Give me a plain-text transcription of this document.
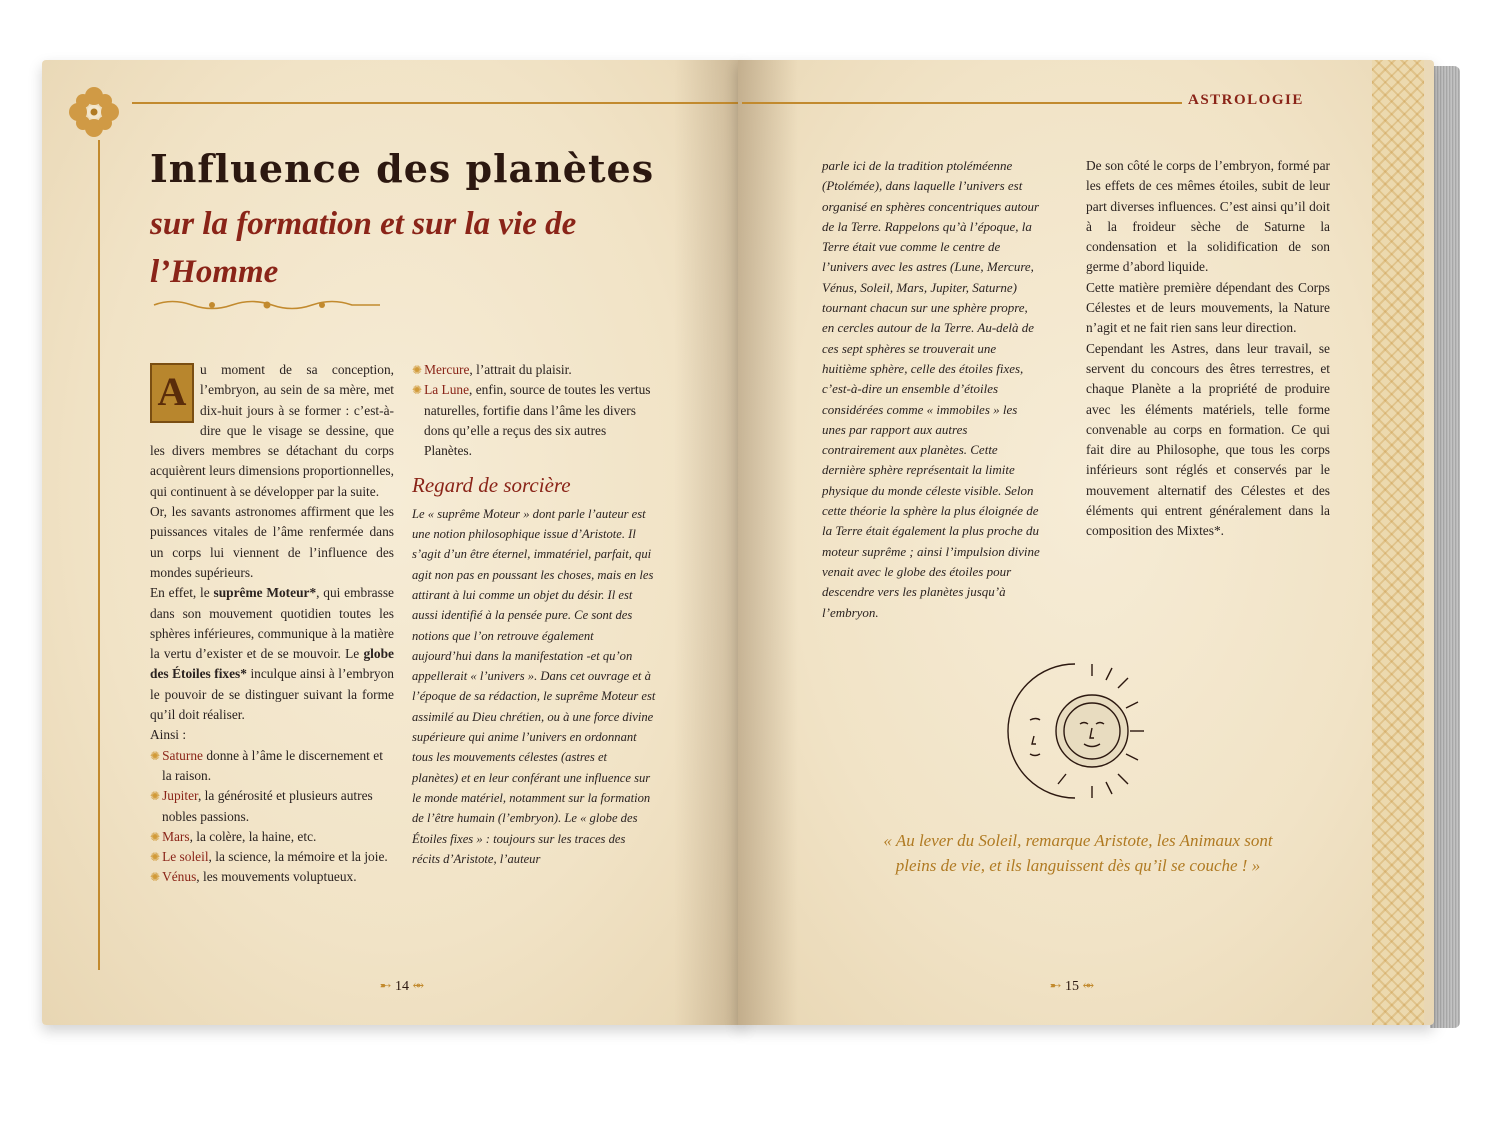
Influence des planètes
sur la formation et sur la vie de l’Homme

A	u moment de sa conception, l’embryon, au sein de sa mère, met dix-huit jours à se former : c’est-à-dire que le visage se dessine, que les divers membres se détachant du corps acquièrent leurs dimensions proportionnelles, qui continuent à se développer par la suite.

Or, les savants astronomes affirment que les puissances vitales de l’âme renfermée dans un corps lui viennent de l’influence des mondes supérieurs.

En effet, le suprême Moteur*, qui embrasse dans son mouvement quotidien toutes les sphères inférieures, communique à la matière la vertu d’exister et de se mouvoir. Le globe des Étoiles fixes* inculque ainsi à l’embryon le pouvoir de se distinguer suivant la forme qu’il doit réaliser.

Ainsi :

✺ Saturne donne à l’âme le discernement et la raison.

✺ Jupiter, la générosité et plusieurs autres nobles passions.

✺ Mars, la colère, la haine, etc.

✺ Le soleil, la science, la mémoire et la joie.

✺ Vénus, les mouvements voluptueux.

✺ Mercure, l’attrait du plaisir.

✺ La Lune, enfin, source de toutes les vertus naturelles, fortifie dans l’âme les divers dons qu’elle a reçus des six autres Planètes.

Regard de sorcière

Le « suprême Moteur » dont parle l’auteur est une notion philosophique issue d’Aristote. Il s’agit d’un être éternel, immatériel, parfait, qui agit non pas en poussant les choses, mais en les attirant à lui comme un objet du désir. Il est aussi identifié à la pensée pure. Ce sont des notions que l’on retrouve également aujourd’hui dans la manifestation -et qu’on appellerait « l’univers ». Dans cet ouvrage et à l’époque de sa rédaction, le suprême Moteur est assimilé au Dieu chrétien, ou à une force divine supérieure qui anime l’univers en ordonnant tous les mouvements célestes (astres et planètes) et en leur conférant une influence sur le monde matériel, notamment sur la formation de l’être humain (l’embryon). Le « globe des Étoiles fixes » : toujours sur les traces des récits d’Aristote, l’auteur

➸ 14 ⥈
ASTROLOGIE

parle ici de la tradition ptoléméenne (Ptolémée), dans laquelle l’univers est organisé en sphères concentriques autour de la Terre. Rappelons qu’à l’époque, la Terre était vue comme le centre de l’univers avec les astres (Lune, Mercure, Vénus, Soleil, Mars, Jupiter, Saturne) tournant chacun sur une sphère propre, en cercles autour de la Terre. Au-delà de ces sept sphères se trouverait une huitième sphère, celle des étoiles fixes, c’est-à-dire un ensemble d’étoiles considérées comme « immobiles » les unes par rapport aux autres contrairement aux planètes. Cette dernière sphère représentait la limite physique du monde céleste visible. Selon cette théorie la sphère la plus éloignée de la Terre était également la plus proche du moteur suprême ; ainsi l’impulsion divine venait avec le globe des étoiles pour descendre vers les planètes jusqu’à l’embryon.

De son côté le corps de l’embryon, formé par les effets de ces mêmes étoiles, subit de leur part diverses influences. C’est ainsi qu’il doit à la froideur sèche de Saturne la condensation et la solidification de son germe d’abord liquide.

Cette matière première dépendant des Corps Célestes et de leurs mouvements, la Nature n’agit et ne fait rien sans leur direction.

Cependant les Astres, dans leur travail, se servent du concours des êtres terrestres, et chaque Planète a la propriété de produire avec les éléments matériels, telle forme convenable au corps en formation. Ce qui fait dire au Philosophe, que tous les corps inférieurs sont réglés et conservés par le mouvement alternatif des Célestes et des éléments qui entrent généralement dans la composition des Mixtes*.

« Au lever du Soleil, remarque Aristote, les Animaux sont pleins de vie, et ils languissent dès qu’il se couche ! »

➸ 15 ⥈
